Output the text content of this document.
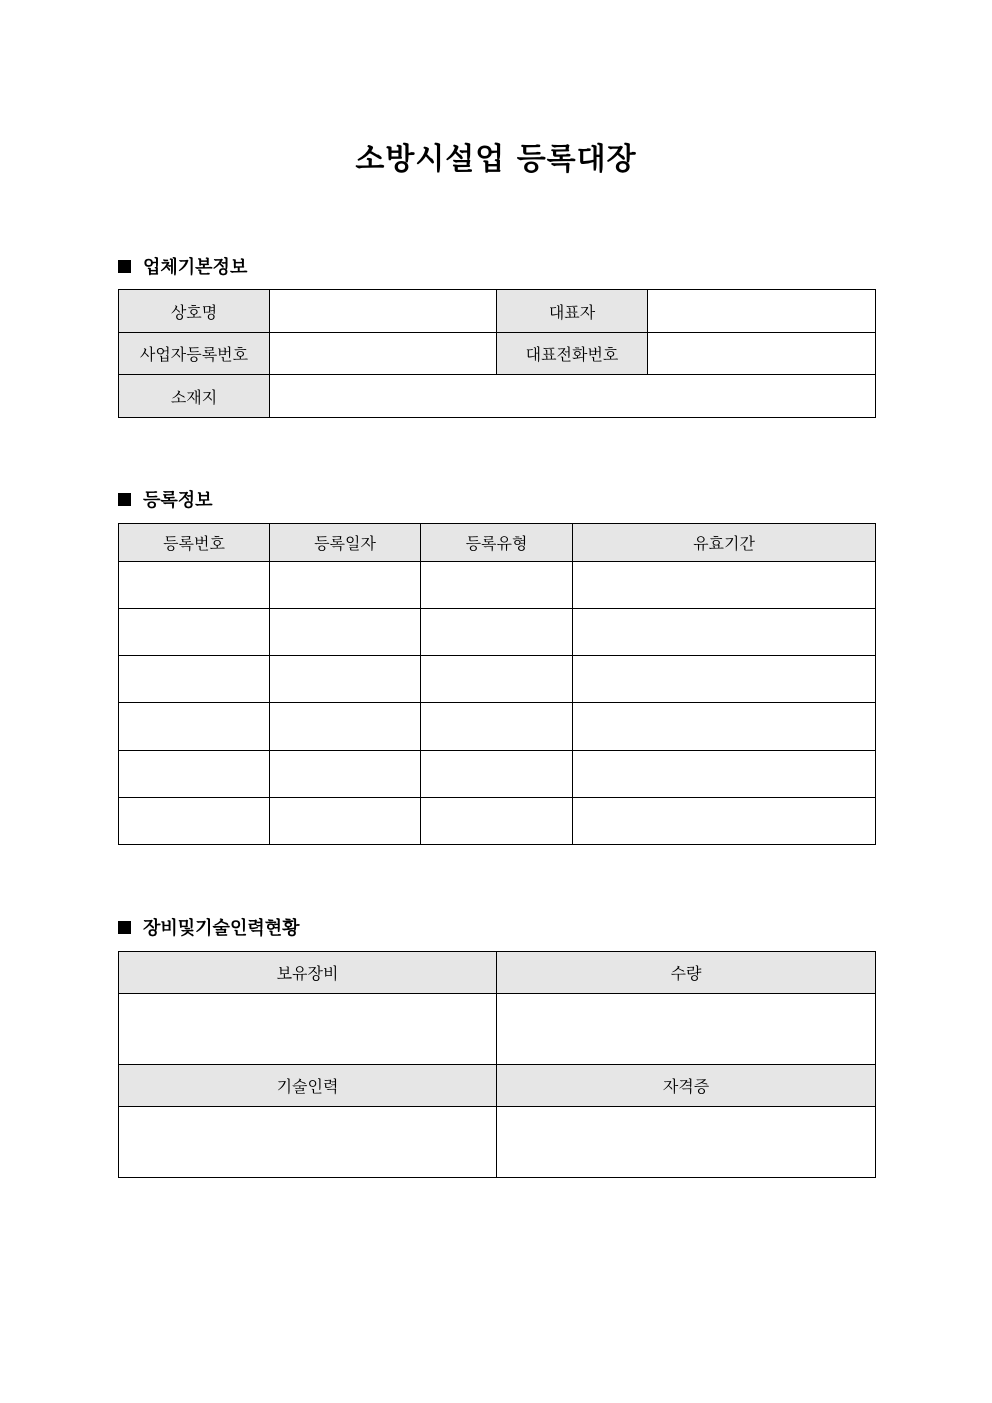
소방시설업 등록대장
업체기본정보
상호명		대표자	
사업자등록번호		대표전화번호	
소재지			
등록정보
등록번호	등록일자	등록유형	유효기간

장비및기술인력현황
보유장비	수량

기술인력	자격증
